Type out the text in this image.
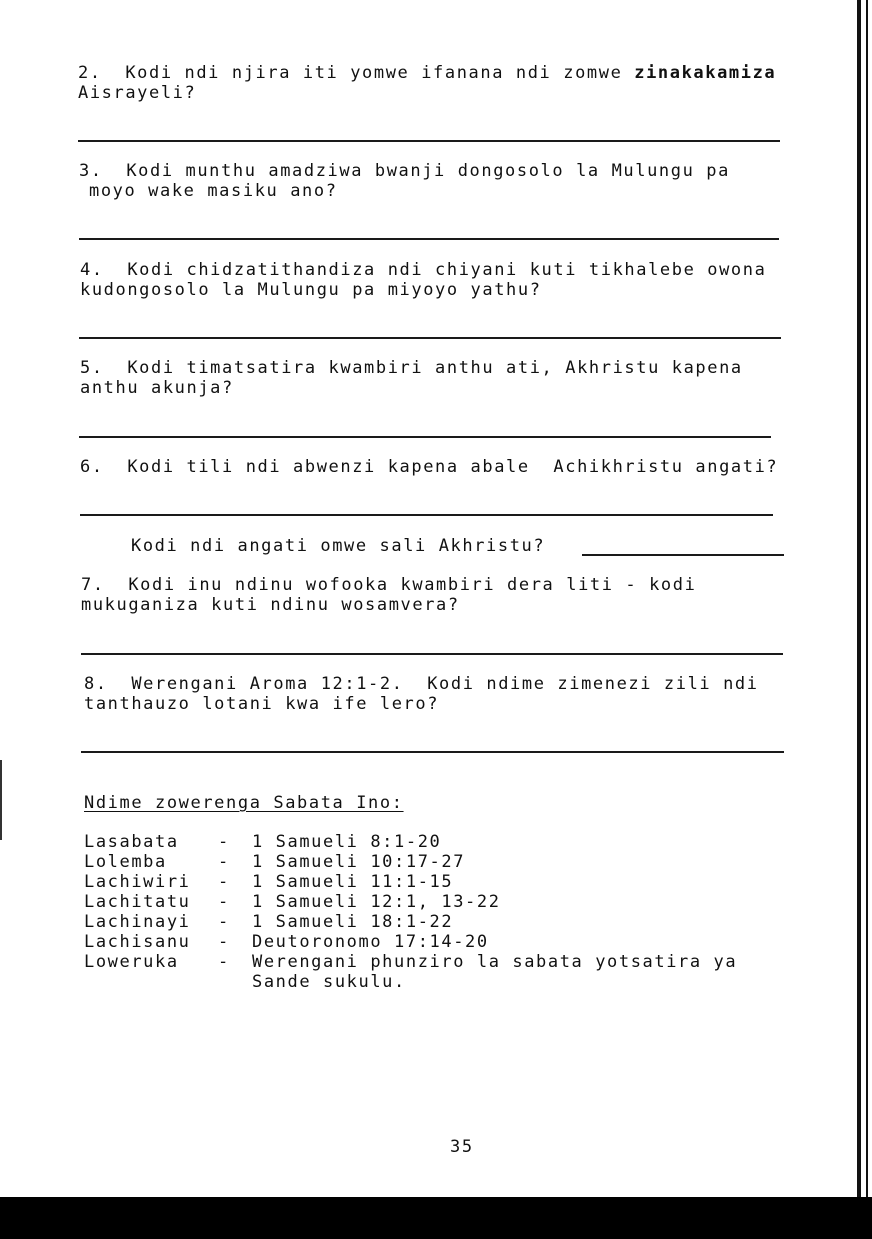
2.  Kodi ndi njira iti yomwe ifanana ndi zomwe zinakakamiza
Aisrayeli?
3.  Kodi munthu amadziwa bwanji dongosolo la Mulungu pa
moyo wake masiku ano?
4.  Kodi chidzatithandiza ndi chiyani kuti tikhalebe owona
kudongosolo la Mulungu pa miyoyo yathu?
5.  Kodi timatsatira kwambiri anthu ati, Akhristu kapena
anthu akunja?
6.  Kodi tili ndi abwenzi kapena abale  Achikhristu angati?
Kodi ndi angati omwe sali Akhristu?
7.  Kodi inu ndinu wofooka kwambiri dera liti - kodi
mukuganiza kuti ndinu wosamvera?
8.  Werengani Aroma 12:1-2.  Kodi ndime zimenezi zili ndi
tanthauzo lotani kwa ife lero?
Ndime zowerenga Sabata Ino:
Lasabata	-	1 Samueli 8:1-20
Lolemba	-	1 Samueli 10:17-27
Lachiwiri	-	1 Samueli 11:1-15
Lachitatu	-	1 Samueli 12:1, 13-22
Lachinayi	-	1 Samueli 18:1-22
Lachisanu	-	Deutoronomo 17:14-20
Loweruka	-	Werengani phunziro la sabata yotsatira ya
Sande sukulu.
35
